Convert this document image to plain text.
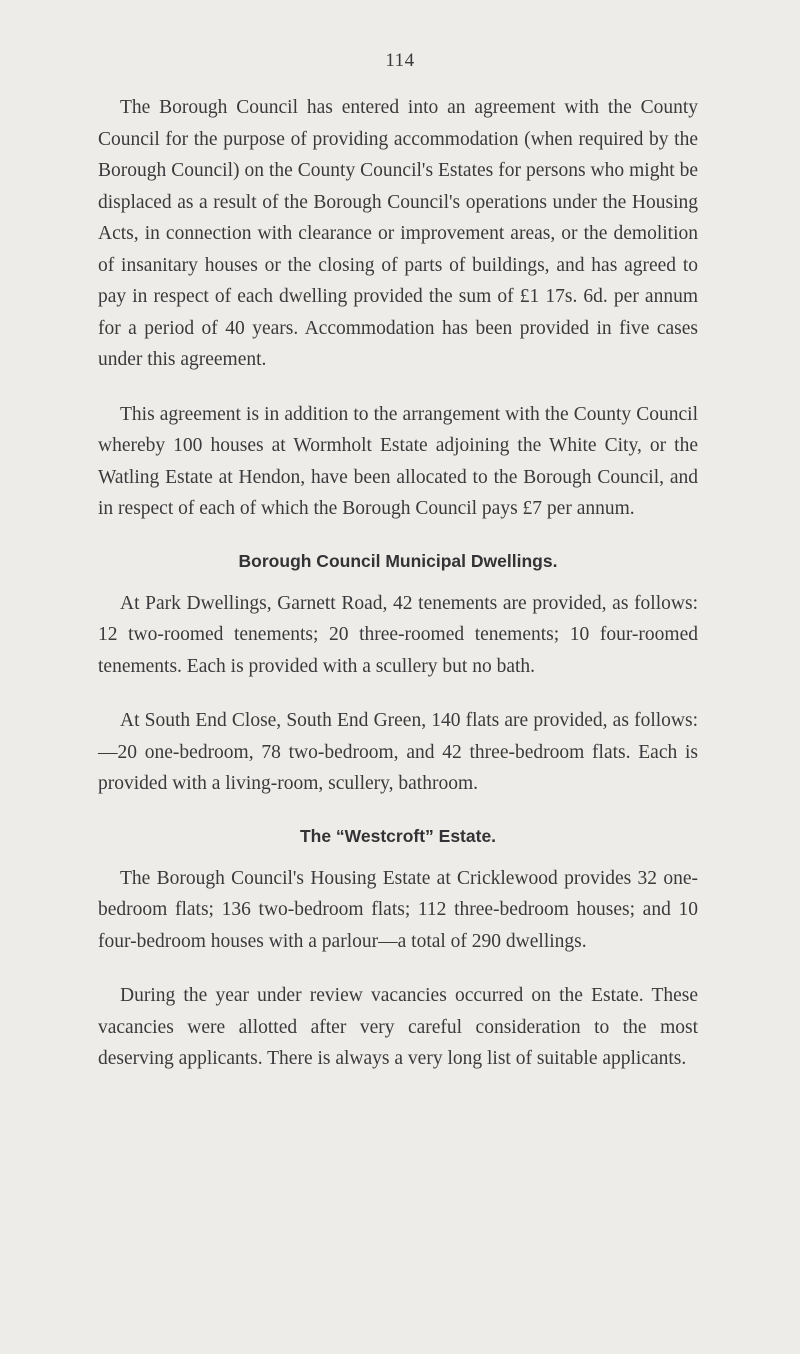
114

The Borough Council has entered into an agreement with the County Council for the purpose of providing accommodation (when required by the Borough Council) on the County Council's Estates for persons who might be displaced as a result of the Borough Council's operations under the Housing Acts, in connection with clearance or improvement areas, or the demolition of insanitary houses or the closing of parts of buildings, and has agreed to pay in respect of each dwelling provided the sum of £1 17s. 6d. per annum for a period of 40 years. Accommodation has been provided in five cases under this agreement.

This agreement is in addition to the arrangement with the County Council whereby 100 houses at Wormholt Estate adjoining the White City, or the Watling Estate at Hendon, have been allocated to the Borough Council, and in respect of each of which the Borough Council pays £7 per annum.

Borough Council Municipal Dwellings.

At Park Dwellings, Garnett Road, 42 tenements are provided, as follows: 12 two-roomed tenements; 20 three-roomed tenements; 10 four-roomed tenements. Each is provided with a scullery but no bath.

At South End Close, South End Green, 140 flats are provided, as follows:—20 one-bedroom, 78 two-bedroom, and 42 three-bedroom flats. Each is provided with a living-room, scullery, bathroom.

The “Westcroft” Estate.

The Borough Council's Housing Estate at Cricklewood provides 32 one-bedroom flats; 136 two-bedroom flats; 112 three-bedroom houses; and 10 four-bedroom houses with a parlour—a total of 290 dwellings.

During the year under review vacancies occurred on the Estate. These vacancies were allotted after very careful consideration to the most deserving applicants. There is always a very long list of suitable applicants.
